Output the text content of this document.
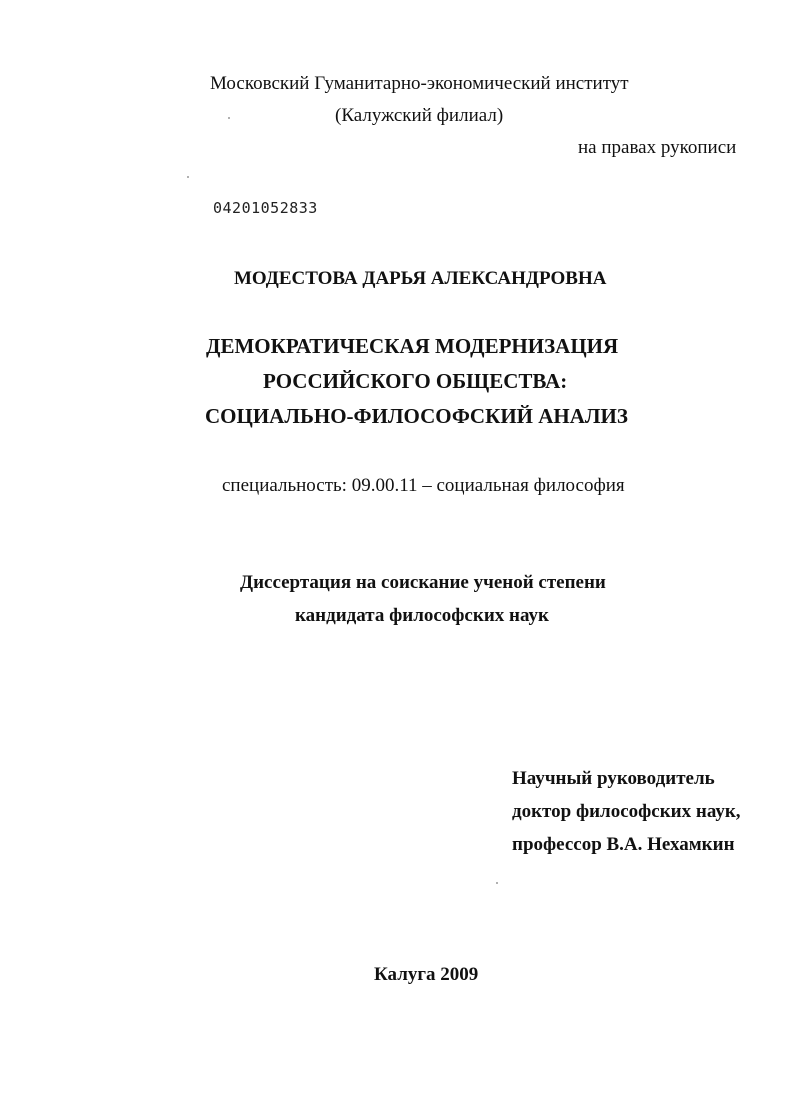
Московский Гуманитарно-экономический институт
(Калужский филиал)
на правах рукописи
04201052833
МОДЕСТОВА ДАРЬЯ АЛЕКСАНДРОВНА
ДЕМОКРАТИЧЕСКАЯ МОДЕРНИЗАЦИЯ
РОССИЙСКОГО ОБЩЕСТВА:
СОЦИАЛЬНО-ФИЛОСОФСКИЙ АНАЛИЗ
специальность: 09.00.11 – социальная философия
Диссертация на соискание ученой степени
кандидата философских наук
Научный руководитель
доктор философских наук,
профессор В.А. Нехамкин
Калуга 2009
